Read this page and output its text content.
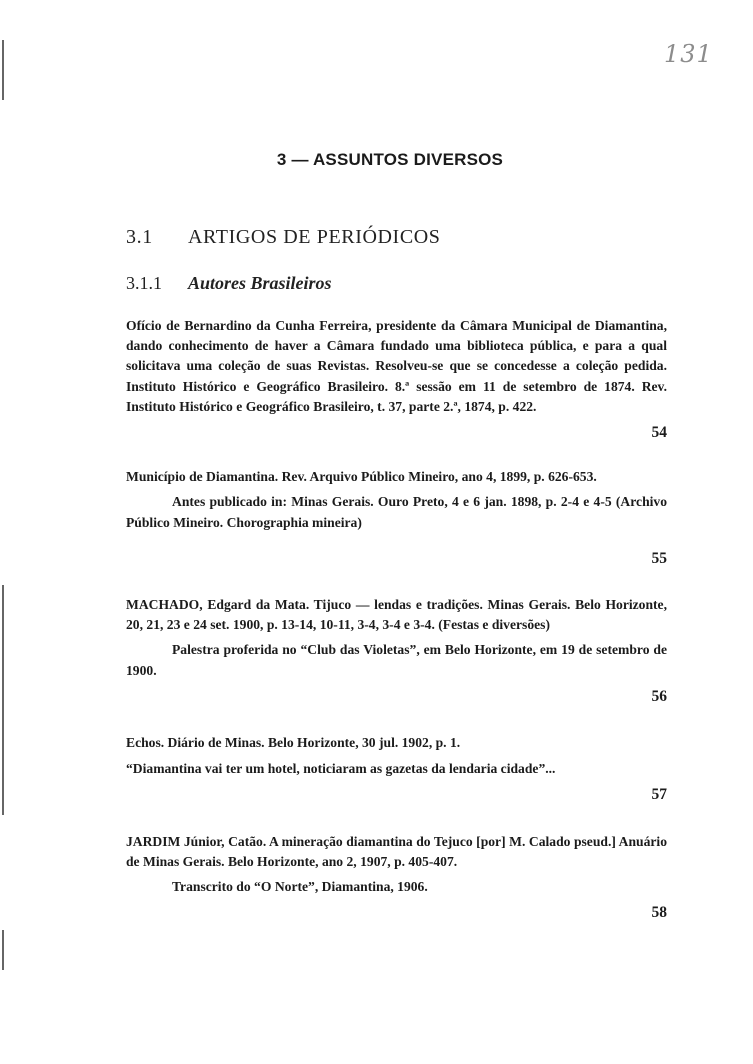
131
3 — ASSUNTOS DIVERSOS
3.1 ARTIGOS DE PERIÓDICOS
3.1.1 Autores Brasileiros

Ofício de Bernardino da Cunha Ferreira, presidente da Câmara Municipal de Diamantina, dando conhecimento de haver a Câmara fundado uma biblioteca pública, e para a qual solicitava uma coleção de suas Revistas. Resolveu-se que se concedesse a coleção pedida. Instituto Histórico e Geográfico Brasileiro. 8.ª sessão em 11 de setembro de 1874. Rev. Instituto Histórico e Geográfico Brasileiro, t. 37, parte 2.ª, 1874, p. 422.

54

Município de Diamantina. Rev. Arquivo Público Mineiro, ano 4, 1899, p. 626-653.

Antes publicado in: Minas Gerais. Ouro Preto, 4 e 6 jan. 1898, p. 2-4 e 4-5 (Archivo Público Mineiro. Chorographia mineira)

55

MACHADO, Edgard da Mata. Tijuco — lendas e tradições. Minas Gerais. Belo Horizonte, 20, 21, 23 e 24 set. 1900, p. 13-14, 10-11, 3-4, 3-4 e 3-4. (Festas e diversões)

Palestra proferida no “Club das Violetas”, em Belo Horizonte, em 19 de setembro de 1900.

56

Echos. Diário de Minas. Belo Horizonte, 30 jul. 1902, p. 1.

“Diamantina vai ter um hotel, noticiaram as gazetas da lendaria cidade”...

57

JARDIM Júnior, Catão. A mineração diamantina do Tejuco [por] M. Calado pseud.] Anuário de Minas Gerais. Belo Horizonte, ano 2, 1907, p. 405-407.

Transcrito do “O Norte”, Diamantina, 1906.

58
